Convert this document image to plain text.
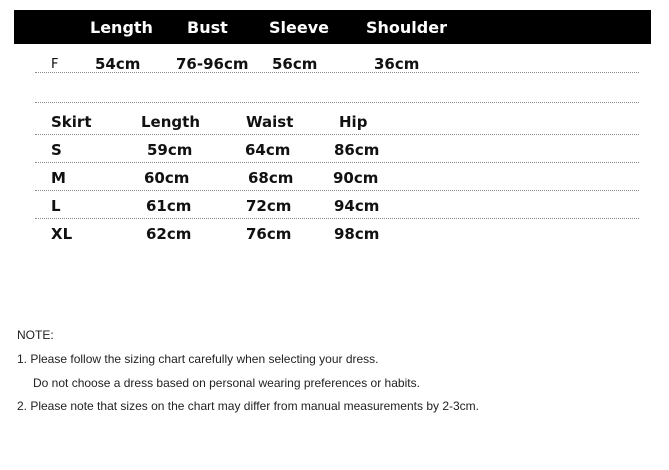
Length Bust	Sleeve Shoulder
F 54cm 76-96cm 56cm	36cm
Skirt	Length	Waist	Hip
S	59cm	64cm	86cm
M	60cm	68cm	90cm
L	61cm	72cm	94cm
XL	62cm	76cm	98cm
NOTE:
1. Please follow the sizing chart carefully when selecting your dress.
Do not choose a dress based on personal wearing preferences or habits.
2. Please note that sizes on the chart may differ from manual measurements by 2-3cm.
